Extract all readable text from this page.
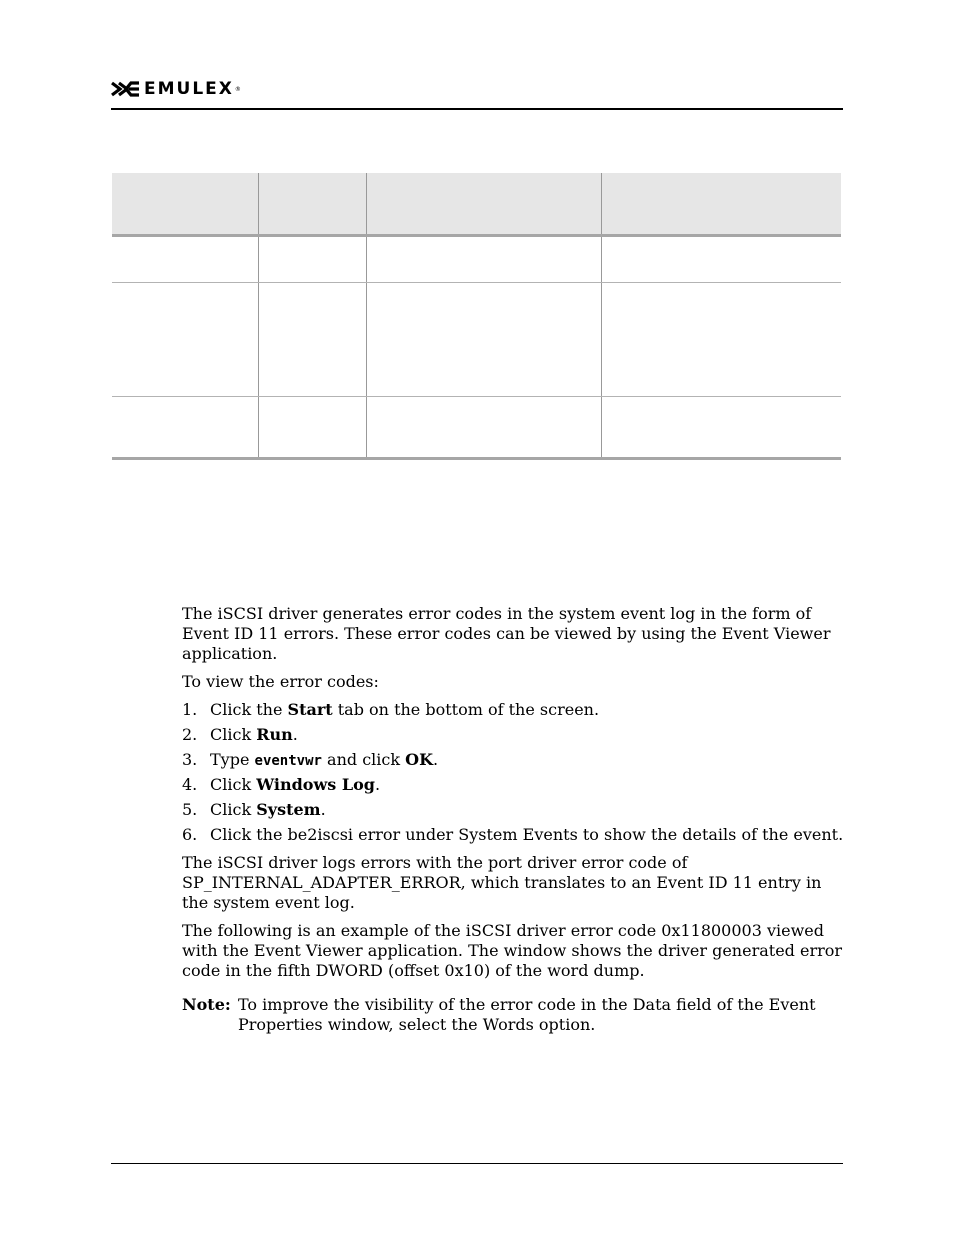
EMULEX ®

The iSCSI driver generates error codes in the system event log in the form of Event ID 11 errors. These error codes can be viewed by using the Event Viewer application.

To view the error codes:

1. Click the Start tab on the bottom of the screen.
2. Click Run.
3. Type eventvwr and click OK.
4. Click Windows Log.
5. Click System.
6. Click the be2iscsi error under System Events to show the details of the event.

The iSCSI driver logs errors with the port driver error code of SP_INTERNAL_ADAPTER_ERROR, which translates to an Event ID 11 entry in the system event log.

The following is an example of the iSCSI driver error code 0x11800003 viewed with the Event Viewer application. The window shows the driver generated error code in the fifth DWORD (offset 0x10) of the word dump.

Note: To improve the visibility of the error code in the Data field of the Event Properties window, select the Words option.
